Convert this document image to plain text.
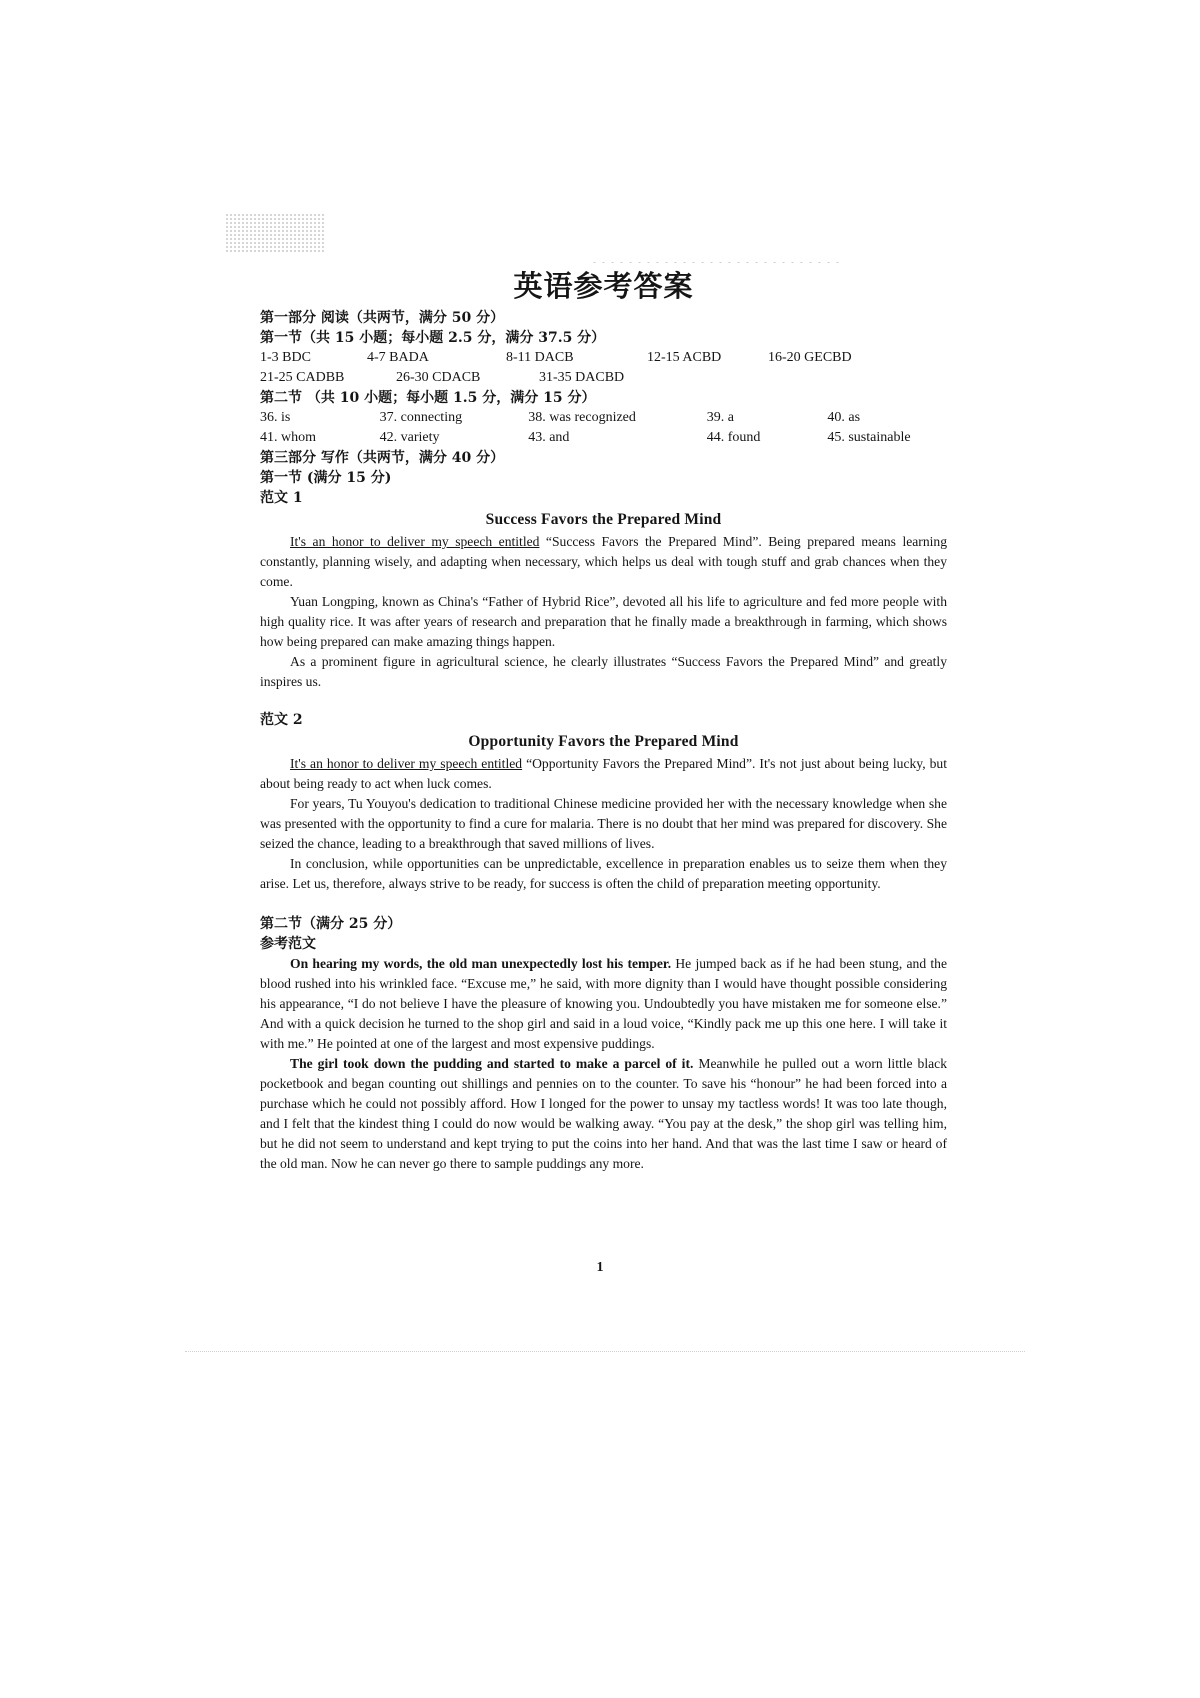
英语参考答案
第一部分 阅读（共两节，满分 50 分）
第一节（共 15 小题；每小题 2.5 分，满分 37.5 分）
1-3 BDC	4-7 BADA	8-11 DACB	12-15 ACBD	16-20 GECBD
21-25 CADBB	26-30 CDACB	31-35 DACBD
第二节 （共 10 小题；每小题 1.5 分，满分 15 分）
36. is	37. connecting	38. was recognized	39. a	40. as
41. whom	42. variety	43. and	44. found	45. sustainable
第三部分 写作（共两节，满分 40 分）
第一节 (满分 15 分)
范文 1
Success Favors the Prepared Mind

It's an honor to deliver my speech entitled “Success Favors the Prepared Mind”. Being prepared means learning constantly, planning wisely, and adapting when necessary, which helps us deal with tough stuff and grab chances when they come.

Yuan Longping, known as China's “Father of Hybrid Rice”, devoted all his life to agriculture and fed more people with high quality rice. It was after years of research and preparation that he finally made a breakthrough in farming, which shows how being prepared can make amazing things happen.

As a prominent figure in agricultural science, he clearly illustrates “Success Favors the Prepared Mind” and greatly inspires us.

范文 2
Opportunity Favors the Prepared Mind

It's an honor to deliver my speech entitled “Opportunity Favors the Prepared Mind”. It's not just about being lucky, but about being ready to act when luck comes.

For years, Tu Youyou's dedication to traditional Chinese medicine provided her with the necessary knowledge when she was presented with the opportunity to find a cure for malaria. There is no doubt that her mind was prepared for discovery. She seized the chance, leading to a breakthrough that saved millions of lives.

In conclusion, while opportunities can be unpredictable, excellence in preparation enables us to seize them when they arise. Let us, therefore, always strive to be ready, for success is often the child of preparation meeting opportunity.

第二节（满分 25 分）
参考范文

On hearing my words, the old man unexpectedly lost his temper. He jumped back as if he had been stung, and the blood rushed into his wrinkled face. “Excuse me,” he said, with more dignity than I would have thought possible considering his appearance, “I do not believe I have the pleasure of knowing you. Undoubtedly you have mistaken me for someone else.” And with a quick decision he turned to the shop girl and said in a loud voice, “Kindly pack me up this one here. I will take it with me.” He pointed at one of the largest and most expensive puddings.

The girl took down the pudding and started to make a parcel of it. Meanwhile he pulled out a worn little black pocketbook and began counting out shillings and pennies on to the counter. To save his “honour” he had been forced into a purchase which he could not possibly afford. How I longed for the power to unsay my tactless words! It was too late though, and I felt that the kindest thing I could do now would be walking away. “You pay at the desk,” the shop girl was telling him, but he did not seem to understand and kept trying to put the coins into her hand. And that was the last time I saw or heard of the old man. Now he can never go there to sample puddings any more.

1
